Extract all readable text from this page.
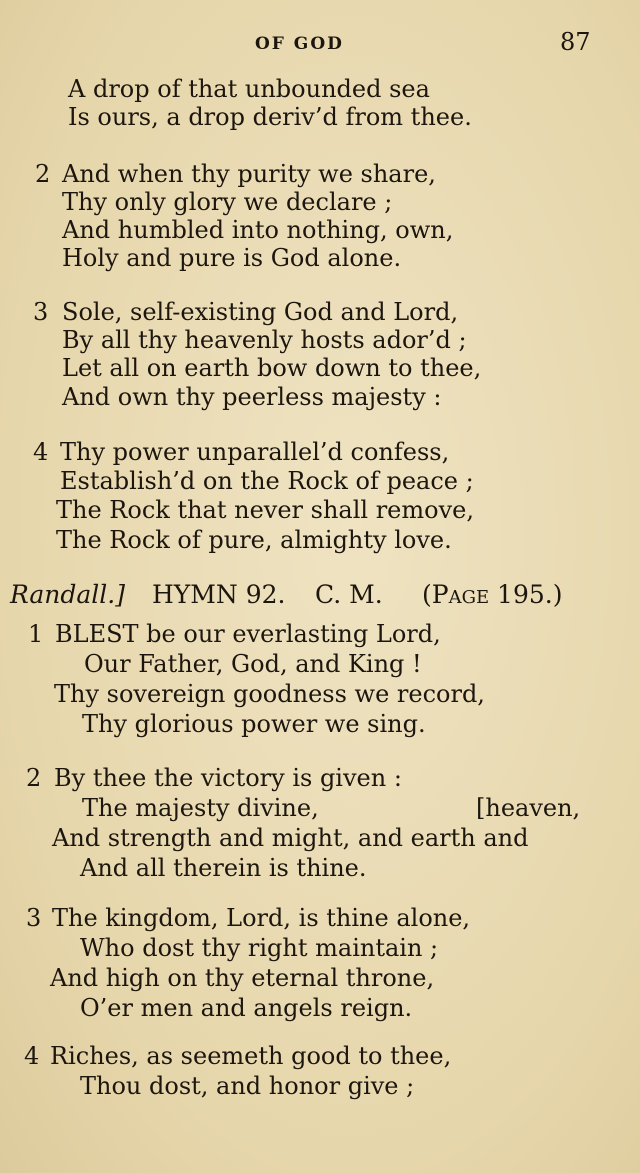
OF GOD	87
A drop of that unbounded sea
Is ours, a drop deriv’d from thee.
2 And when thy purity we share,
Thy only glory we declare ;
And humbled into nothing, own,
Holy and pure is God alone.
3 Sole, self-existing God and Lord,
By all thy heavenly hosts ador’d ;
Let all on earth bow down to thee,
And own thy peerless majesty :
4 Thy power unparallel’d confess,
Establish’d on the Rock of peace ;
The Rock that never shall remove,
The Rock of pure, almighty love.
Randall.] HYMN 92. C. M. (Page 195.)
1 BLEST be our everlasting Lord,
Our Father, God, and King !
Thy sovereign goodness we record,
Thy glorious power we sing.
2 By thee the victory is given :
The majesty divine,	[heaven,
And strength and might, and earth and
And all therein is thine.
3 The kingdom, Lord, is thine alone,
Who dost thy right maintain ;
And high on thy eternal throne,
O’er men and angels reign.
4 Riches, as seemeth good to thee,
Thou dost, and honor give ;
